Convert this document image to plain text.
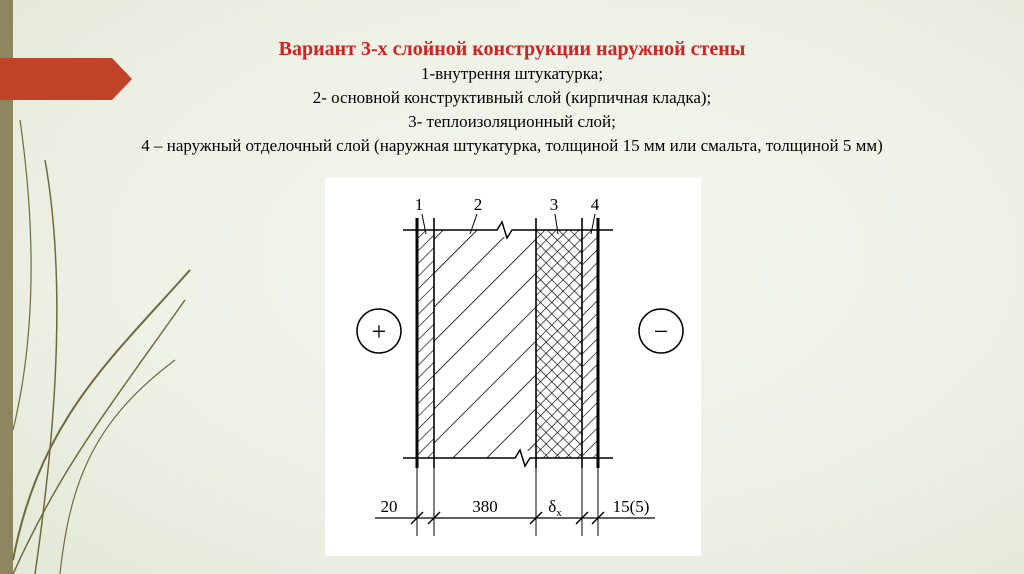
Вариант 3-х слойной конструкции наружной стены
1-внутрення штукатурка;
2- основной конструктивный слой (кирпичная кладка);
3- теплоизоляционный слой;
4 – наружный отделочный слой (наружная штукатурка, толщиной 15 мм или смальта, толщиной 5 мм)
1	2	3 4
+	−
20	380	$\delta_x$	15(5)
